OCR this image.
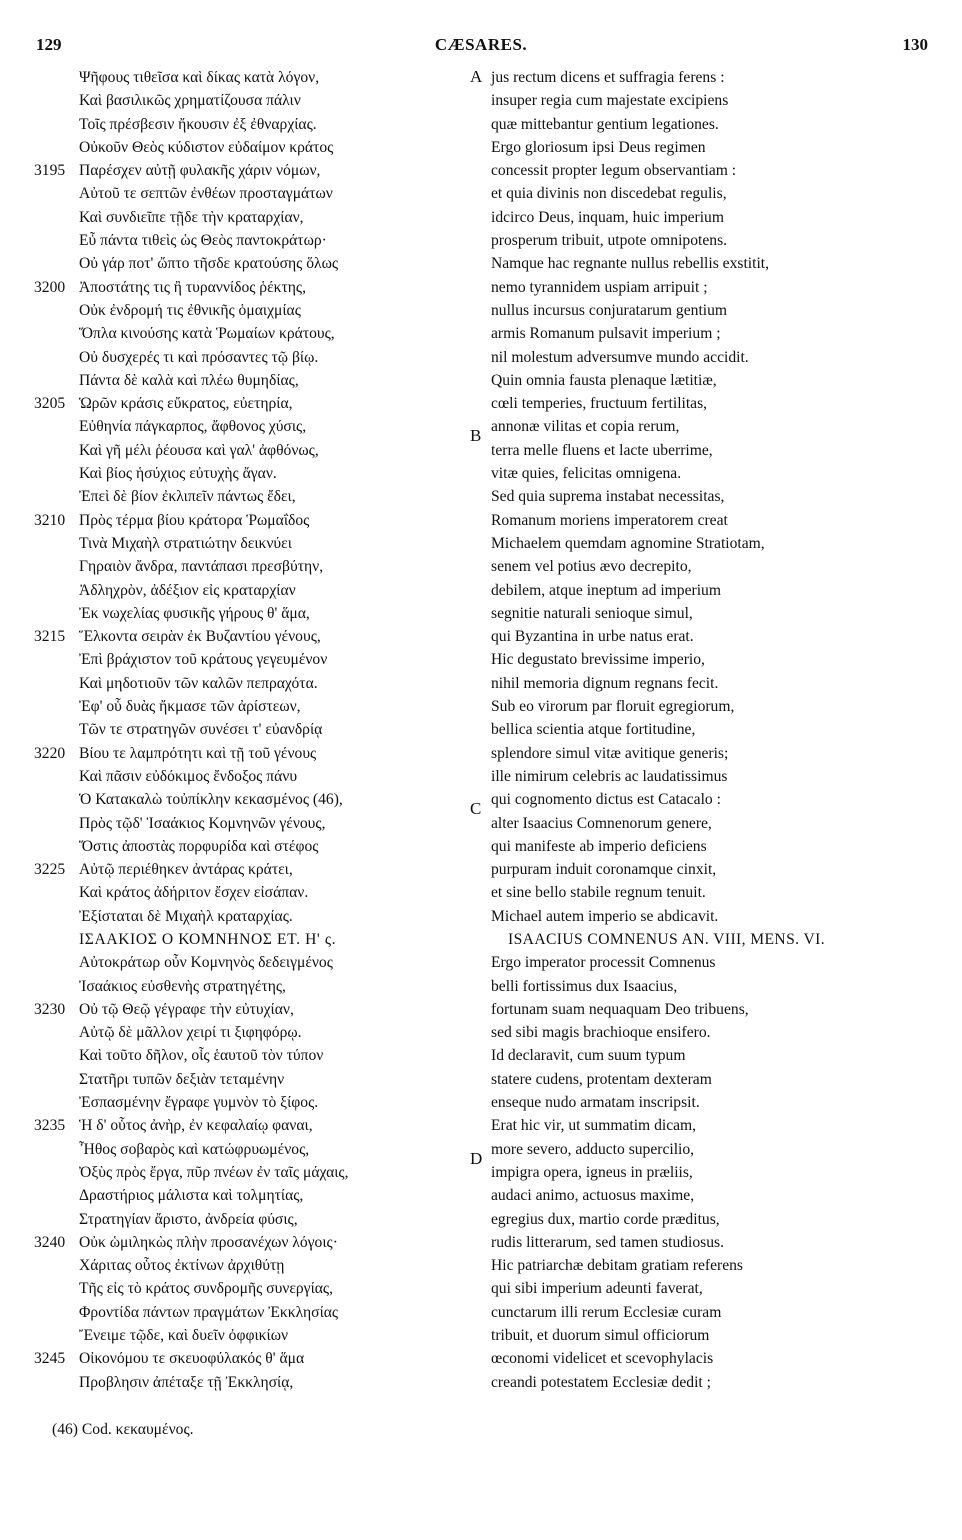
129	CÆSARES.	130
Ψῆφους τιθεῖσα καὶ δίκας κατὰ λόγον,
Καὶ βασιλικῶς χρηματίζουσα πάλιν
Τοῖς πρέσβεσιν ἤκουσιν ἐξ ἐθναρχίας.
Οὐκοῦν Θεὸς κύδιστον εὐδαίμον κράτος
3195 Παρέσχεν αὐτῇ φυλακῆς χάριν νόμων,
Αὐτοῦ τε σεπτῶν ἐνθέων προσταγμάτων
Καὶ συνδιεῖπε τῇδε τὴν κραταρχίαν,
Εὖ πάντα τιθεὶς ὡς Θεὸς παντοκράτωρ·
Οὐ γάρ ποτ' ὤπτο τῆσδε κρατούσης ὅλως
3200 Ἀποστάτης τις ἢ τυραννίδος ῥέκτης,
Οὐκ ἐνδρομή τις ἐθνικῆς ὁμαιχμίας
Ὅπλα κινούσης κατὰ Ῥωμαίων κράτους,
Οὐ δυσχερές τι καὶ πρόσαντες τῷ βίῳ.
Πάντα δὲ καλὰ καὶ πλέω θυμηδίας,
3205 Ὡρῶν κράσις εὔκρατος, εὐετηρία,
Εὐθηνία πάγκαρπος, ἄφθονος χύσις,
Καὶ γῆ μέλι ῥέουσα καὶ γαλ' ἀφθόνως,
Καὶ βίος ἡσύχιος εὐτυχὴς ἄγαν.
Ἐπεὶ δὲ βίον ἐκλιπεῖν πάντως ἔδει,
3210 Πρὸς τέρμα βίου κράτορα Ῥωμαΐδος
Τινὰ Μιχαὴλ στρατιώτην δεικνύει
Γηραιὸν ἄνδρα, παντάπασι πρεσβύτην,
Ἀδληχρὸν, ἀδέξιον εἰς κραταρχίαν
Ἐκ νωχελίας φυσικῆς γήρους θ' ἅμα,
3215 Ἕλκοντα σειρὰν ἐκ Βυζαντίου γένους,
Ἐπὶ βράχιστον τοῦ κράτους γεγευμένον
Καὶ μηδοτιοῦν τῶν καλῶν πεπραχότα.
Ἐφ' οὗ δυὰς ἤκμασε τῶν ἀρίστεων,
Τῶν τε στρατηγῶν συνέσει τ' εὐανδρίᾳ
3220 Βίου τε λαμπρότητι καὶ τῇ τοῦ γένους
Καὶ πᾶσιν εὐδόκιμος ἔνδοξος πάνυ
Ὁ Κατακαλὼ τοὐπίκλην κεκασμένος (46),
Πρὸς τῷδ' Ἰσαάκιος Κομνηνῶν γένους,
Ὅστις ἀποστὰς πορφυρίδα καὶ στέφος
3225 Αὐτῷ περιέθηκεν ἀντάρας κράτει,
Καὶ κράτος ἀδήριτον ἔσχεν εἰσάπαν.
Ἐξίσταται δὲ Μιχαὴλ κραταρχίας.
ΙΣΑΑΚΙΟΣ Ο ΚΟΜΝΗΝΟΣ ΕΤ. Η' ς.
Αὐτοκράτωρ οὖν Κομνηνὸς δεδειγμένος
Ἰσαάκιος εὐσθενὴς στρατηγέτης,
3230 Οὐ τῷ Θεῷ γέγραφε τὴν εὐτυχίαν,
Αὐτῷ δὲ μᾶλλον χειρί τι ξιφηφόρῳ.
Καὶ τοῦτο δῆλον, οἷς ἑαυτοῦ τὸν τύπον
Στατῆρι τυπῶν δεξιὰν τεταμένην
Ἐσπασμένην ἔγραφε γυμνὸν τὸ ξίφος.
3235 Ἡ δ' οὗτος ἀνὴρ, ἐν κεφαλαίῳ φαναι,
Ἦθος σοβαρὸς καὶ κατώφρυωμένος,
Ὀξὺς πρὸς ἔργα, πῦρ πνέων ἐν ταῖς μάχαις,
Δραστήριος μάλιστα καὶ τολμητίας,
Στρατηγίαν ἄριστο, ἀνδρεία φύσις,
3240 Οὐκ ὡμιληκὼς πλὴν προσανέχων λόγοις·
Χάριτας οὗτος ἐκτίνων ἀρχιθύτῃ
Τῆς εἰς τὸ κράτος συνδρομῆς συνεργίας,
Φροντίδα πάντων πραγμάτων Ἐκκλησίας
Ἔνειμε τῷδε, καὶ δυεῖν ὀφφικίων
3245 Οἰκονόμου τε σκευοφύλακός θ' ἅμα
Προβλησιν ἀπέταξε τῇ Ἐκκλησίᾳ,
A jus rectum dicens et suffragia ferens :
insuper regia cum majestate excipiens
quæ mittebantur gentium legationes.
Ergo gloriosum ipsi Deus regimen
concessit propter legum observantiam :
et quia divinis non discedebat regulis,
idcirco Deus, inquam, huic imperium
prosperum tribuit, utpote omnipotens.
Namque hac regnante nullus rebellis exstitit,
nemo tyrannidem uspiam arripuit ;
nullus incursus conjuratarum gentium
armis Romanum pulsavit imperium ;
nil molestum adversumve mundo accidit.
Quin omnia fausta plenaque lætitiæ,
cœli temperies, fructuum fertilitas,
B annonæ vilitas et copia rerum,
terra melle fluens et lacte uberrime,
vitæ quies, felicitas omnigena.
Sed quia suprema instabat necessitas,
Romanum moriens imperatorem creat
Michaelem quemdam agnomine Stratiotam,
senem vel potius ævo decrepito,
debilem, atque ineptum ad imperium
segnitie naturali senioque simul,
qui Byzantina in urbe natus erat.
Hic degustato brevissime imperio,
nihil memoria dignum regnans fecit.
Sub eo virorum par floruit egregiorum,
bellica scientia atque fortitudine,
splendore simul vitæ avitique generis;
ille nimirum celebris ac laudatissimus
C qui cognomento dictus est Catacalo :
alter Isaacius Comnenorum genere,
qui manifeste ab imperio deficiens
purpuram induit coronamque cinxit,
et sine bello stabile regnum tenuit.
Michael autem imperio se abdicavit.
ISAACIUS COMNENUS AN. VIII, MENS. VI.
Ergo imperator processit Comnenus
belli fortissimus dux Isaacius,
fortunam suam nequaquam Deo tribuens,
sed sibi magis brachioque ensifero.
Id declaravit, cum suum typum
statere cudens, protentam dexteram
enseque nudo armatam inscripsit.
Erat hic vir, ut summatim dicam,
D more severo, adducto supercilio,
impigra opera, igneus in præliis,
audaci animo, actuosus maxime,
egregius dux, martio corde præditus,
rudis litterarum, sed tamen studiosus.
Hic patriarchæ debitam gratiam referens
qui sibi imperium adeunti faverat,
cunctarum illi rerum Ecclesiæ curam
tribuit, et duorum simul officiorum
œconomi videlicet et scevophylacis
creandi potestatem Ecclesiæ dedit ;
(46) Cod. κεκαυμένος.
